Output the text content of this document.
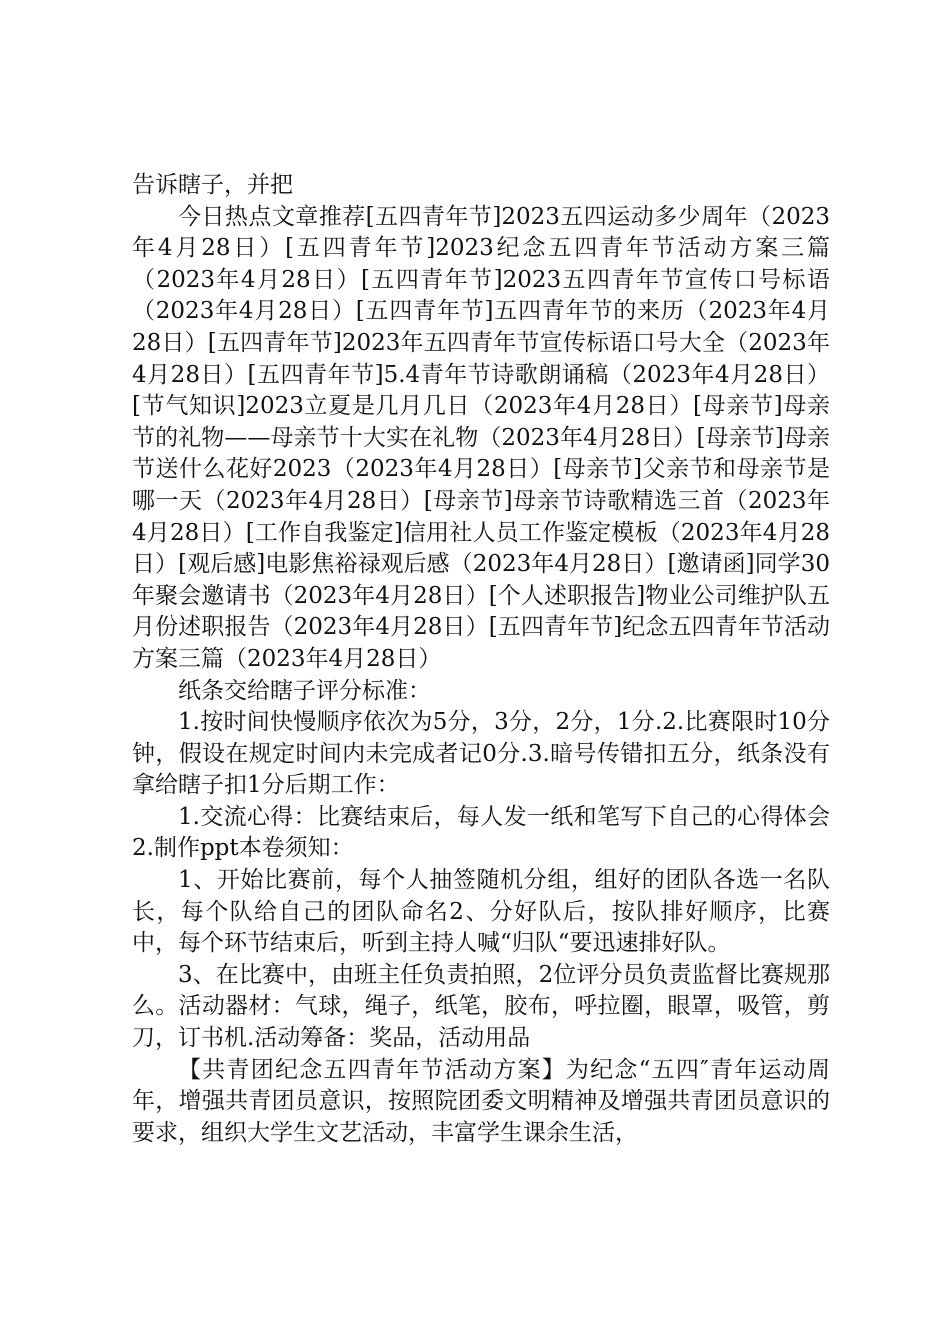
告诉瞎子，并把

今日热点文章推荐[五四青年节]2023五四运动多少周年（2023年4月28日）[五四青年节]2023纪念五四青年节活动方案三篇（2023年4月28日）[五四青年节]2023五四青年节宣传口号标语（2023年4月28日）[五四青年节]五四青年节的来历（2023年4月28日）[五四青年节]2023年五四青年节宣传标语口号大全（2023年4月28日）[五四青年节]5.4青年节诗歌朗诵稿（2023年4月28日）[节气知识]2023立夏是几月几日（2023年4月28日）[母亲节]母亲节的礼物——母亲节十大实在礼物（2023年4月28日）[母亲节]母亲节送什么花好2023（2023年4月28日）[母亲节]父亲节和母亲节是哪一天（2023年4月28日）[母亲节]母亲节诗歌精选三首（2023年4月28日）[工作自我鉴定]信用社人员工作鉴定模板（2023年4月28日）[观后感]电影焦裕禄观后感（2023年4月28日）[邀请函]同学30年聚会邀请书（2023年4月28日）[个人述职报告]物业公司维护队五月份述职报告（2023年4月28日）[五四青年节]纪念五四青年节活动方案三篇（2023年4月28日）

纸条交给瞎子评分标准：

1.按时间快慢顺序依次为5分，3分，2分，1分.2.比赛限时10分钟，假设在规定时间内未完成者记0分.3.暗号传错扣五分，纸条没有拿给瞎子扣1分后期工作：

1.交流心得：比赛结束后，每人发一纸和笔写下自己的心得体会2.制作ppt本卷须知：

1、开始比赛前，每个人抽签随机分组，组好的团队各选一名队长，每个队给自己的团队命名2、分好队后，按队排好顺序，比赛中，每个环节结束后，听到主持人喊“归队“要迅速排好队。

3、在比赛中，由班主任负责拍照，2位评分员负责监督比赛规那么。活动器材：气球，绳子，纸笔，胶布，呼拉圈，眼罩，吸管，剪刀，订书机.活动筹备：奖品，活动用品

【共青团纪念五四青年节活动方案】为纪念“五四″青年运动周年，增强共青团员意识，按照院团委文明精神及增强共青团员意识的要求，组织大学生文艺活动，丰富学生课余生活，
